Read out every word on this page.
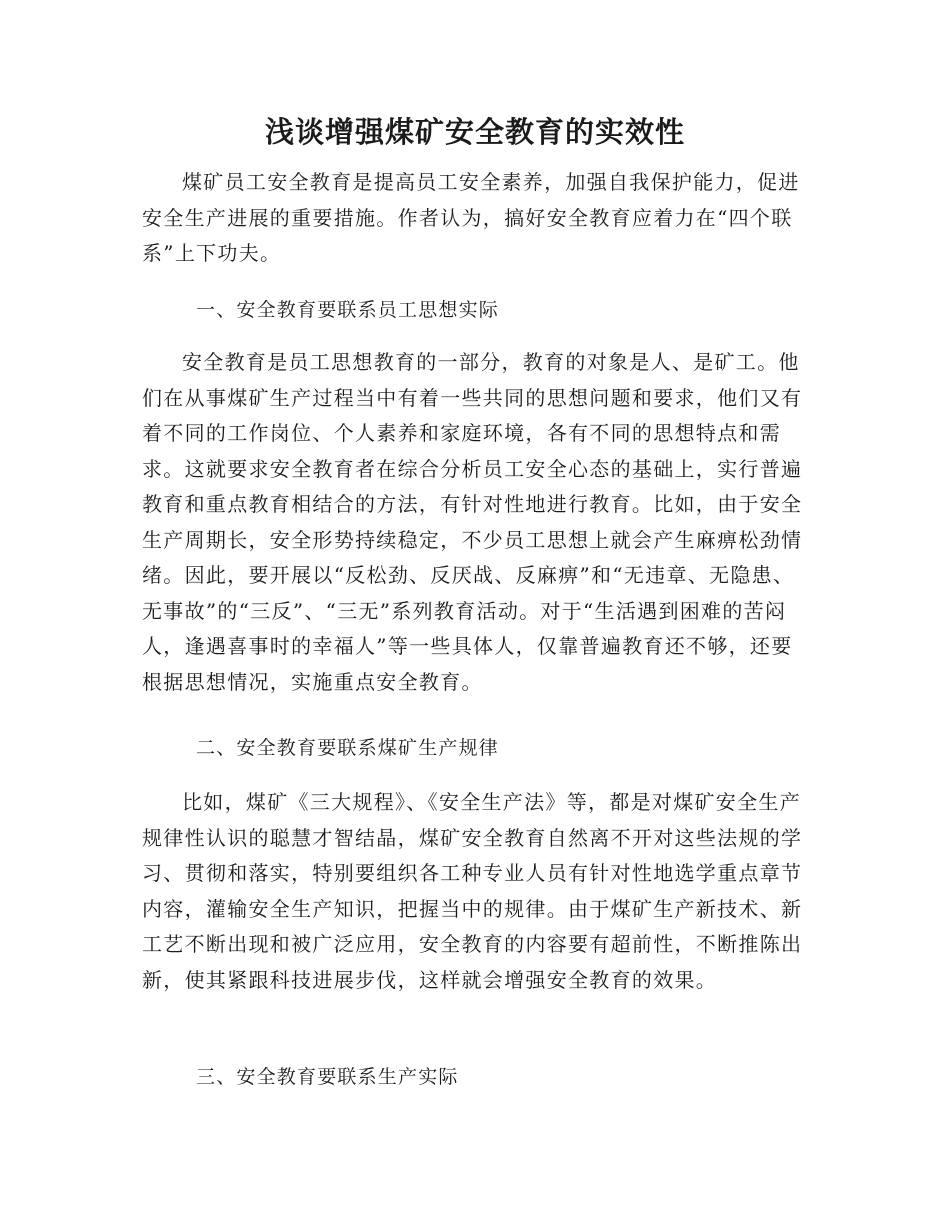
浅谈增强煤矿安全教育的实效性

煤矿员工安全教育是提高员工安全素养，加强自我保护能力，促进安全生产进展的重要措施。作者认为，搞好安全教育应着力在“四个联系”上下功夫。

一、安全教育要联系员工思想实际

安全教育是员工思想教育的一部分，教育的对象是人、是矿工。他们在从事煤矿生产过程当中有着一些共同的思想问题和要求，他们又有着不同的工作岗位、个人素养和家庭环境，各有不同的思想特点和需求。这就要求安全教育者在综合分析员工安全心态的基础上，实行普遍教育和重点教育相结合的方法，有针对性地进行教育。比如，由于安全生产周期长，安全形势持续稳定，不少员工思想上就会产生麻痹松劲情绪。因此，要开展以“反松劲、反厌战、反麻痹”和“无违章、无隐患、无事故”的“三反”、“三无”系列教育活动。对于“生活遇到困难的苦闷人，逢遇喜事时的幸福人”等一些具体人，仅靠普遍教育还不够，还要根据思想情况，实施重点安全教育。

二、安全教育要联系煤矿生产规律

比如，煤矿《三大规程》、《安全生产法》等，都是对煤矿安全生产规律性认识的聪慧才智结晶，煤矿安全教育自然离不开对这些法规的学习、贯彻和落实，特别要组织各工种专业人员有针对性地选学重点章节内容，灌输安全生产知识，把握当中的规律。由于煤矿生产新技术、新工艺不断出现和被广泛应用，安全教育的内容要有超前性，不断推陈出新，使其紧跟科技进展步伐，这样就会增强安全教育的效果。

三、安全教育要联系生产实际
